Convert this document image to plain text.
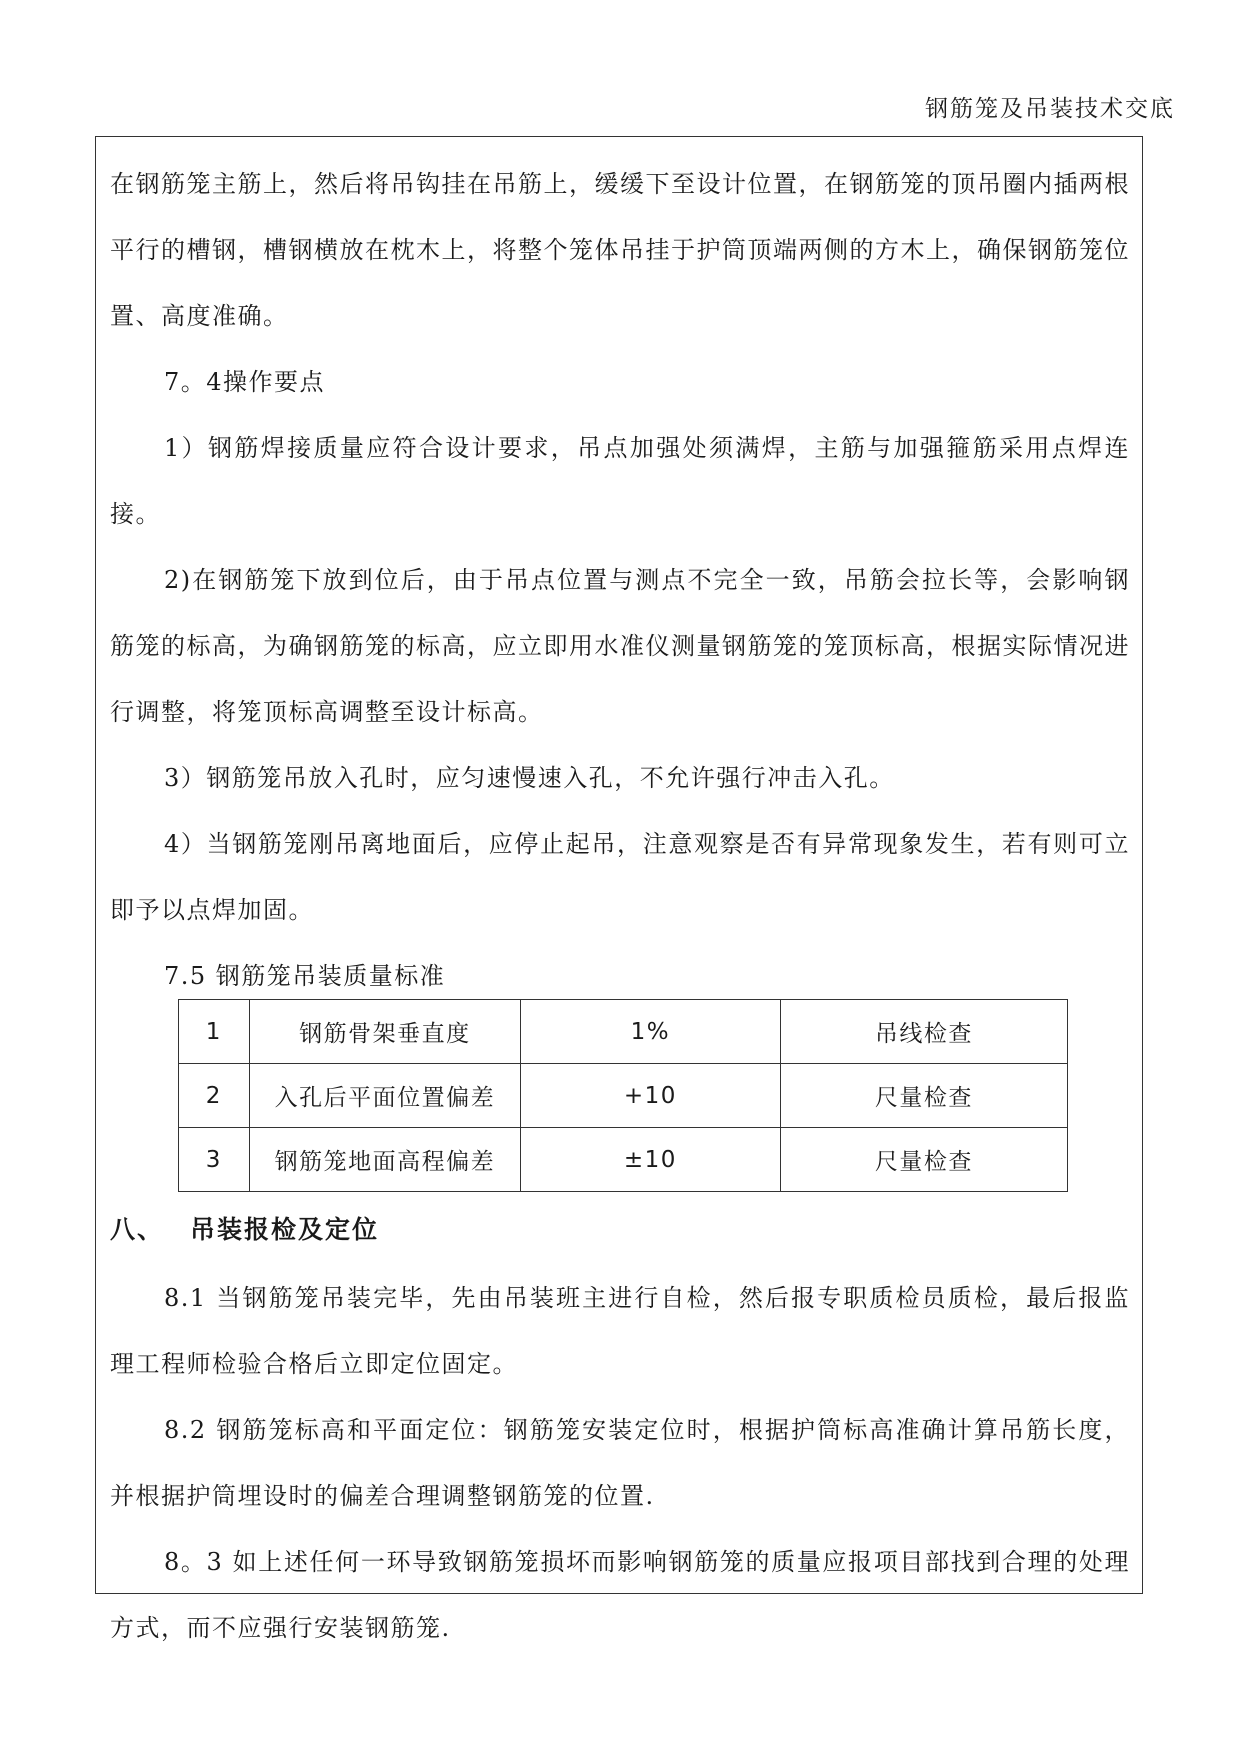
钢筋笼及吊装技术交底

在钢筋笼主筋上，然后将吊钩挂在吊筋上，缓缓下至设计位置，在钢筋笼的顶吊圈内插两根平行的槽钢，槽钢横放在枕木上，将整个笼体吊挂于护筒顶端两侧的方木上，确保钢筋笼位置、高度准确。

7。4操作要点

1）钢筋焊接质量应符合设计要求，吊点加强处须满焊，主筋与加强箍筋采用点焊连接。

2)在钢筋笼下放到位后，由于吊点位置与测点不完全一致，吊筋会拉长等，会影响钢筋笼的标高，为确钢筋笼的标高，应立即用水准仪测量钢筋笼的笼顶标高，根据实际情况进行调整，将笼顶标高调整至设计标高。

3）钢筋笼吊放入孔时，应匀速慢速入孔，不允许强行冲击入孔。

4）当钢筋笼刚吊离地面后，应停止起吊，注意观察是否有异常现象发生，若有则可立即予以点焊加固。

7.5 钢筋笼吊装质量标准

1	钢筋骨架垂直度	1%	吊线检查
2	入孔后平面位置偏差	+10	尺量检查
3	钢筋笼地面高程偏差	±10	尺量检查
八、 吊装报检及定位

8.1 当钢筋笼吊装完毕，先由吊装班主进行自检，然后报专职质检员质检，最后报监理工程师检验合格后立即定位固定。

8.2 钢筋笼标高和平面定位：钢筋笼安装定位时，根据护筒标高准确计算吊筋长度，并根据护筒埋设时的偏差合理调整钢筋笼的位置.

8。3 如上述任何一环导致钢筋笼损坏而影响钢筋笼的质量应报项目部找到合理的处理方式，而不应强行安装钢筋笼.
